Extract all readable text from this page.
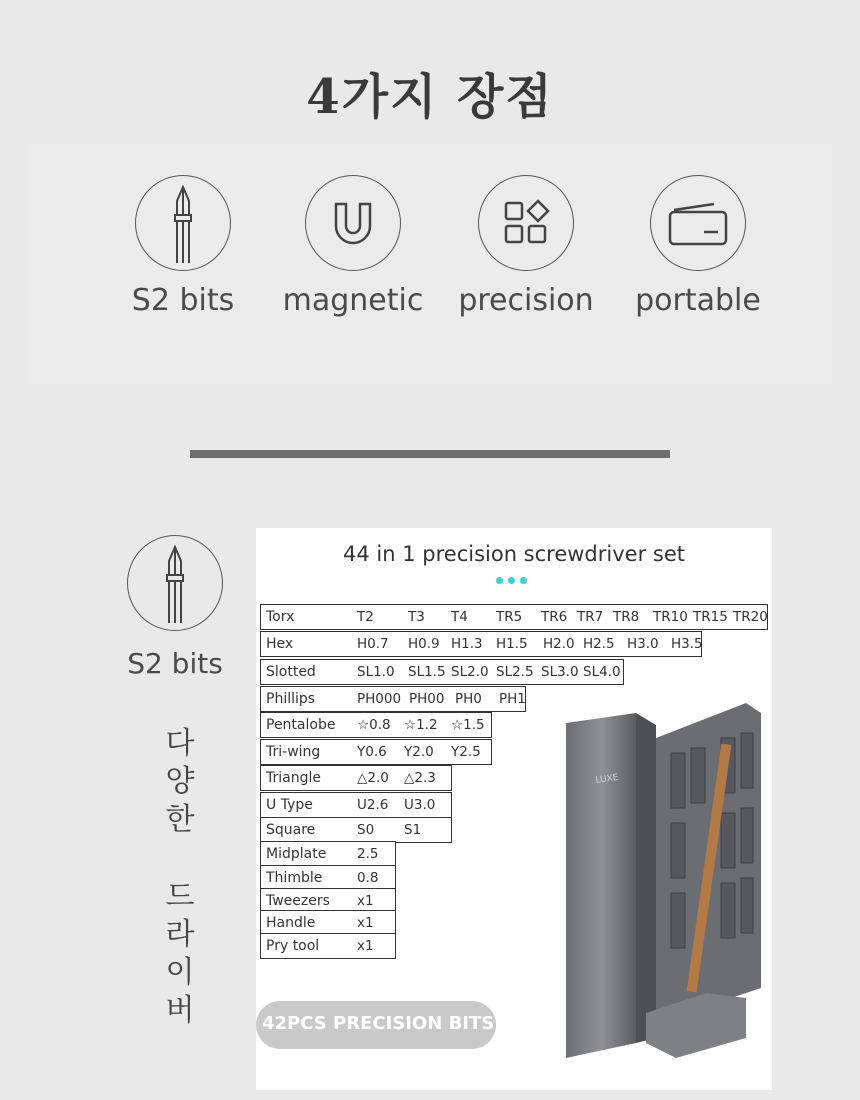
4가지 장점
S2 bits	magnetic	precision	portable
S2 bits
다
양
한
드
라
이
버
44 in 1 precision screwdriver set
LUXE
Torx	T2	T3 T4 TR5 TR6 TR7 TR8 TR10 TR15 TR20
Hex	H0.7 H0.9 H1.3 H1.5 H2.0 H2.5 H3.0 H3.5
Slotted	SL1.0 SL1.5 SL2.0 SL2.5 SL3.0 SL4.0
Phillips	PH000 PH00 PH0 PH1
Pentalobe ☆0.8 ☆1.2 ☆1.5
Tri-wing	Y0.6 Y2.0 Y2.5
Triangle	△2.0 △2.3
U Type	U2.6 U3.0
Square	S0 S1
Midplate 2.5
Thimble	0.8
Tweezers x1
Handle	x1
Pry tool	x1
42PCS PRECISION BITS
